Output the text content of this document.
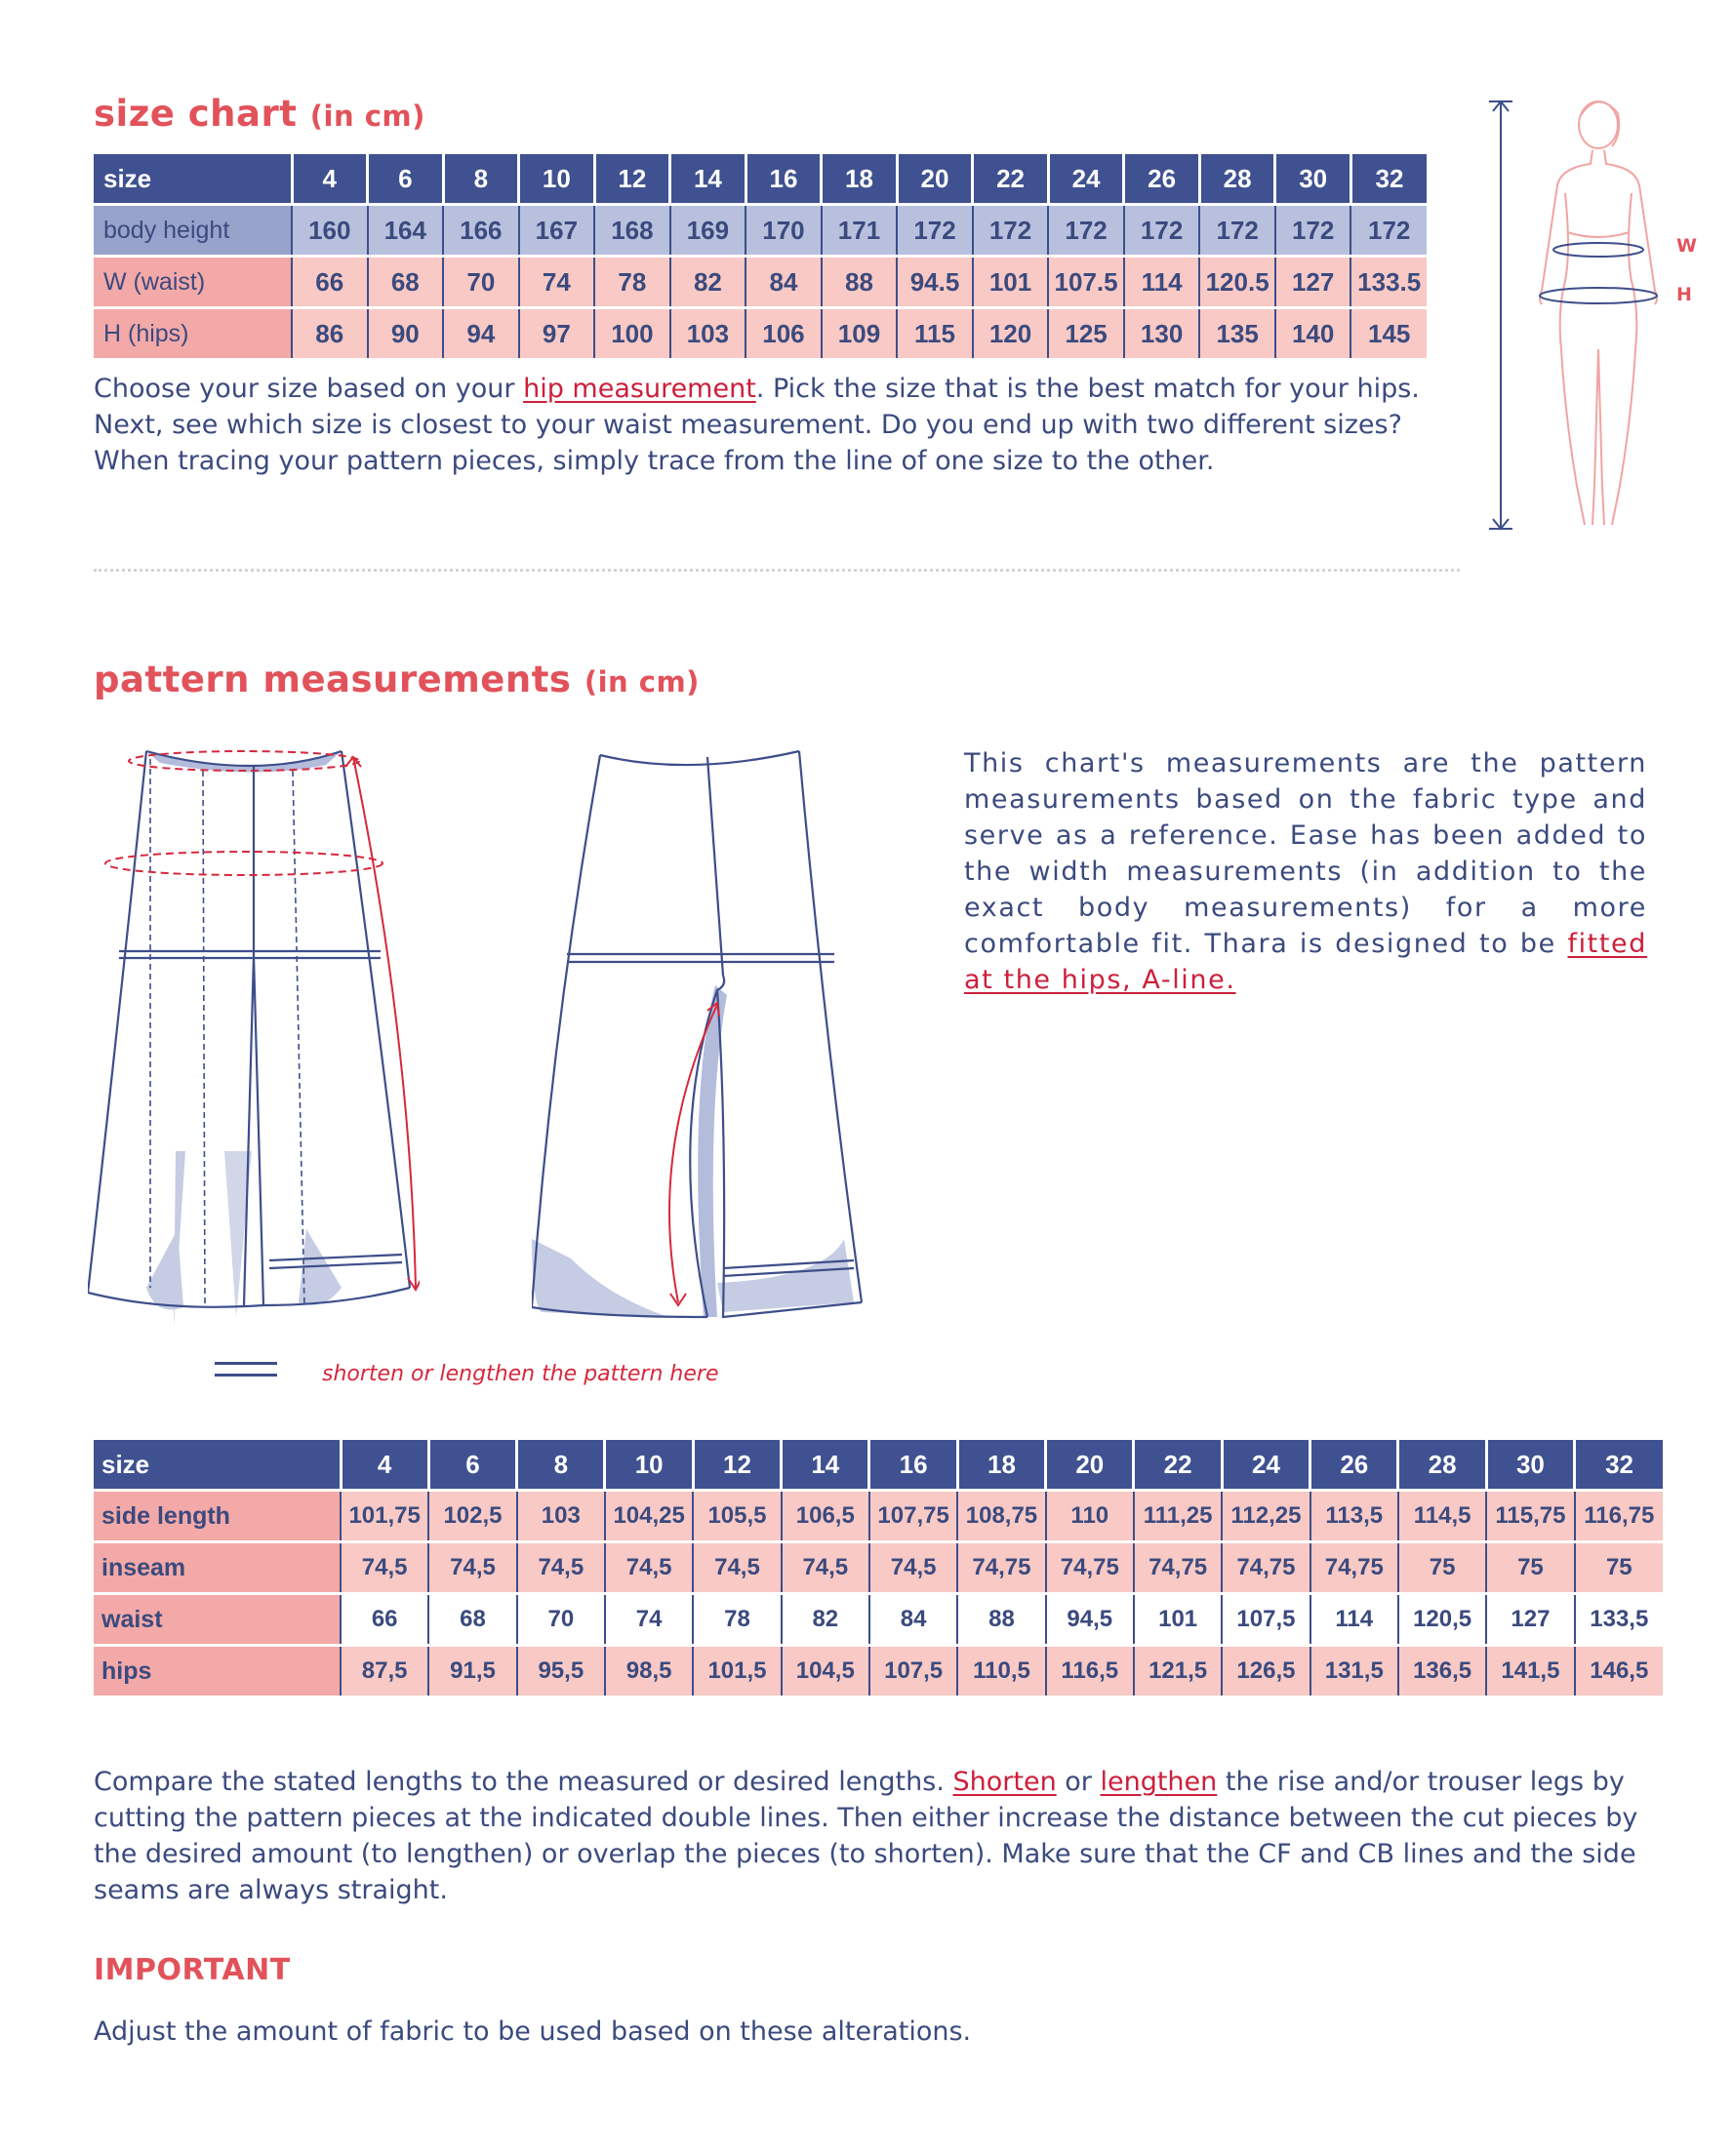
size chart (in cm)
size	4	6	8	10	12	14	16	18	20	22	24	26	28	30	32
body height	160	164	166	167	168	169	170	171	172	172	172	172	172	172	172
W (waist)	66	68	70	74	78	82	84	88	94.5	101	107.5	114	120.5	127	133.5
H (hips)	86	90	94	97	100	103	106	109	115	120	125	130	135	140	145

Choose your size based on your hip measurement. Pick the size that is the best match for your hips. Next, see which size is closest to your waist measurement. Do you end up with two different sizes? When tracing your pattern pieces, simply trace from the line of one size to the other.

W
H
pattern measurements (in cm)

This chart's measurements are the pattern measurements based on the fabric type and serve as a reference. Ease has been added to the width measurements (in addition to the exact body measurements) for a more comfortable fit. Thara is designed to be fitted at the hips, A-line.

shorten or lengthen the pattern here

size	4	6	8	10	12	14	16	18	20	22	24	26	28	30	32
side length	101,75	102,5	103	104,25	105,5	106,5	107,75	108,75	110	111,25	112,25	113,5	114,5	115,75	116,75
inseam	74,5	74,5	74,5	74,5	74,5	74,5	74,5	74,75	74,75	74,75	74,75	74,75	75	75	75
waist	66	68	70	74	78	82	84	88	94,5	101	107,5	114	120,5	127	133,5
hips	87,5	91,5	95,5	98,5	101,5	104,5	107,5	110,5	116,5	121,5	126,5	131,5	136,5	141,5	146,5

Compare the stated lengths to the measured or desired lengths. Shorten or lengthen the rise and/or trouser legs by cutting the pattern pieces at the indicated double lines. Then either increase the distance between the cut pieces by the desired amount (to lengthen) or overlap the pieces (to shorten). Make sure that the CF and CB lines and the side seams are always straight.

IMPORTANT

Adjust the amount of fabric to be used based on these alterations.
